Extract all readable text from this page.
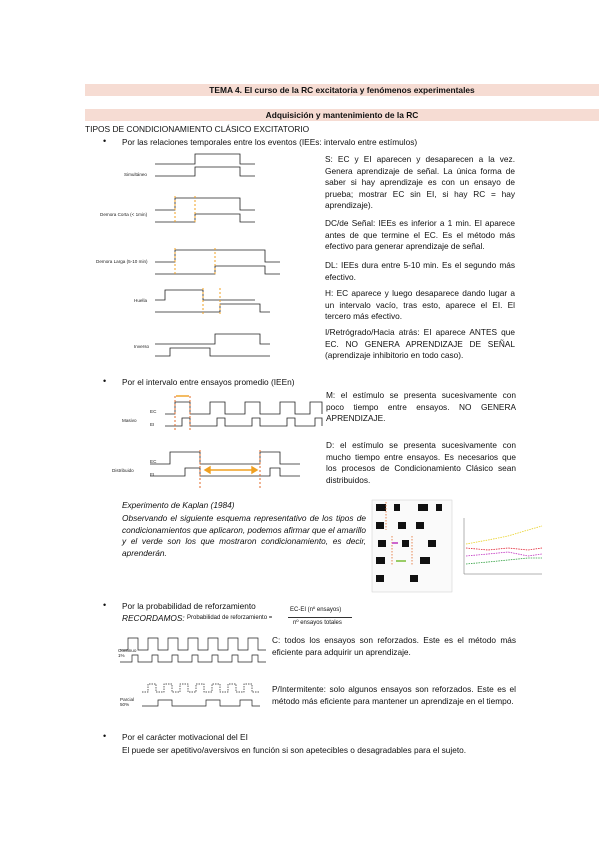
TEMA 4. El curso de la RC excitatoria y fenómenos experimentales
Adquisición y mantenimiento de la RC
TIPOS DE CONDICIONAMIENTO CLÁSICO EXCITATORIO
• Por las relaciones temporales entre los eventos (IEEs: intervalo entre estímulos)
Simultáneo
Demora Corta (< 1min)
Demora Larga (5-10 min)
Huella
Inverso
S: EC y EI aparecen y desaparecen a la vez. Genera aprendizaje de señal. La única forma de saber si hay aprendizaje es con un ensayo de prueba; mostrar EC sin EI, si hay RC = hay aprendizaje).
DC/de Señal: IEEs es inferior a 1 min. El aparece antes de que termine el EC. Es el método más efectivo para generar aprendizaje de señal.
DL: IEEs dura entre 5-10 min. Es el segundo más efectivo.
H: EC aparece y luego desaparece dando lugar a un intervalo vacío, tras esto, aparece el EI. El tercero más efectivo.
I/Retrógrado/Hacia atrás: EI aparece ANTES que EC. NO GENERA APRENDIZAJE DE SEÑAL (aprendizaje inhibitorio en todo caso).
• Por el intervalo entre ensayos promedio (IEEn)
Masivo
Distribuido
EC
EI
EC
EI
M: el estímulo se presenta sucesivamente con poco tiempo entre ensayos. NO GENERA APRENDIZAJE.
D: el estímulo se presenta sucesivamente con mucho tiempo entre ensayos. Es necesarios que los procesos de Condicionamiento Clásico sean distribuidos.
Experimento de Kaplan (1984)
Observando el siguiente esquema representativo de los tipos de condicionamientos que aplicaron, podemos afirmar que el amarillo y el verde son los que mostraron condicionamiento, es decir, aprenderán.
• Por la probabilidad de reforzamiento
RECORDAMOS: Probabilidad de reforzamiento =
EC-EI (nº ensayos)
nº ensayos totales
Continuo 1%
Parcial 50%
C: todos los ensayos son reforzados. Este es el método más eficiente para adquirir un aprendizaje.
P/Intermitente: solo algunos ensayos son reforzados. Este es el método más eficiente para mantener un aprendizaje en el tiempo.
• Por el carácter motivacional del EI
El puede ser apetitivo/aversivos en función si son apetecibles o desagradables para el sujeto.
